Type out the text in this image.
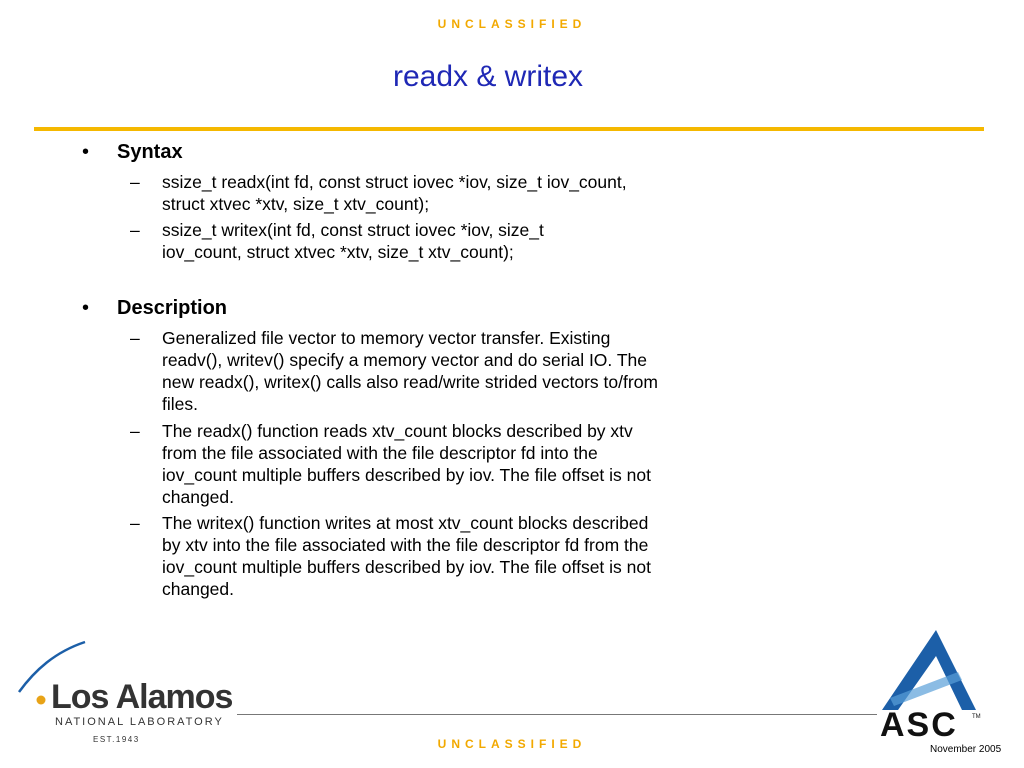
UNCLASSIFIED
readx & writex
• Syntax
– ssize_t readx(int fd, const struct iovec *iov, size_t iov_count,
struct xtvec *xtv, size_t xtv_count);
– ssize_t writex(int fd, const struct iovec *iov, size_t
iov_count, struct xtvec *xtv, size_t xtv_count);
• Description
– Generalized file vector to memory vector transfer. Existing
readv(), writev() specify a memory vector and do serial IO. The
new readx(), writex() calls also read/write strided vectors to/from
files.
– The readx() function reads xtv_count blocks described by xtv
from the file associated with the file descriptor fd into the
iov_count multiple buffers described by iov. The file offset is not
changed.
– The writex() function writes at most xtv_count blocks described
by xtv into the file associated with the file descriptor fd from the
iov_count multiple buffers described by iov. The file offset is not
changed.
Los Alamos
NATIONAL LABORATORY
EST.1943	UNCLASSIFIED	ASC TM
November 2005
